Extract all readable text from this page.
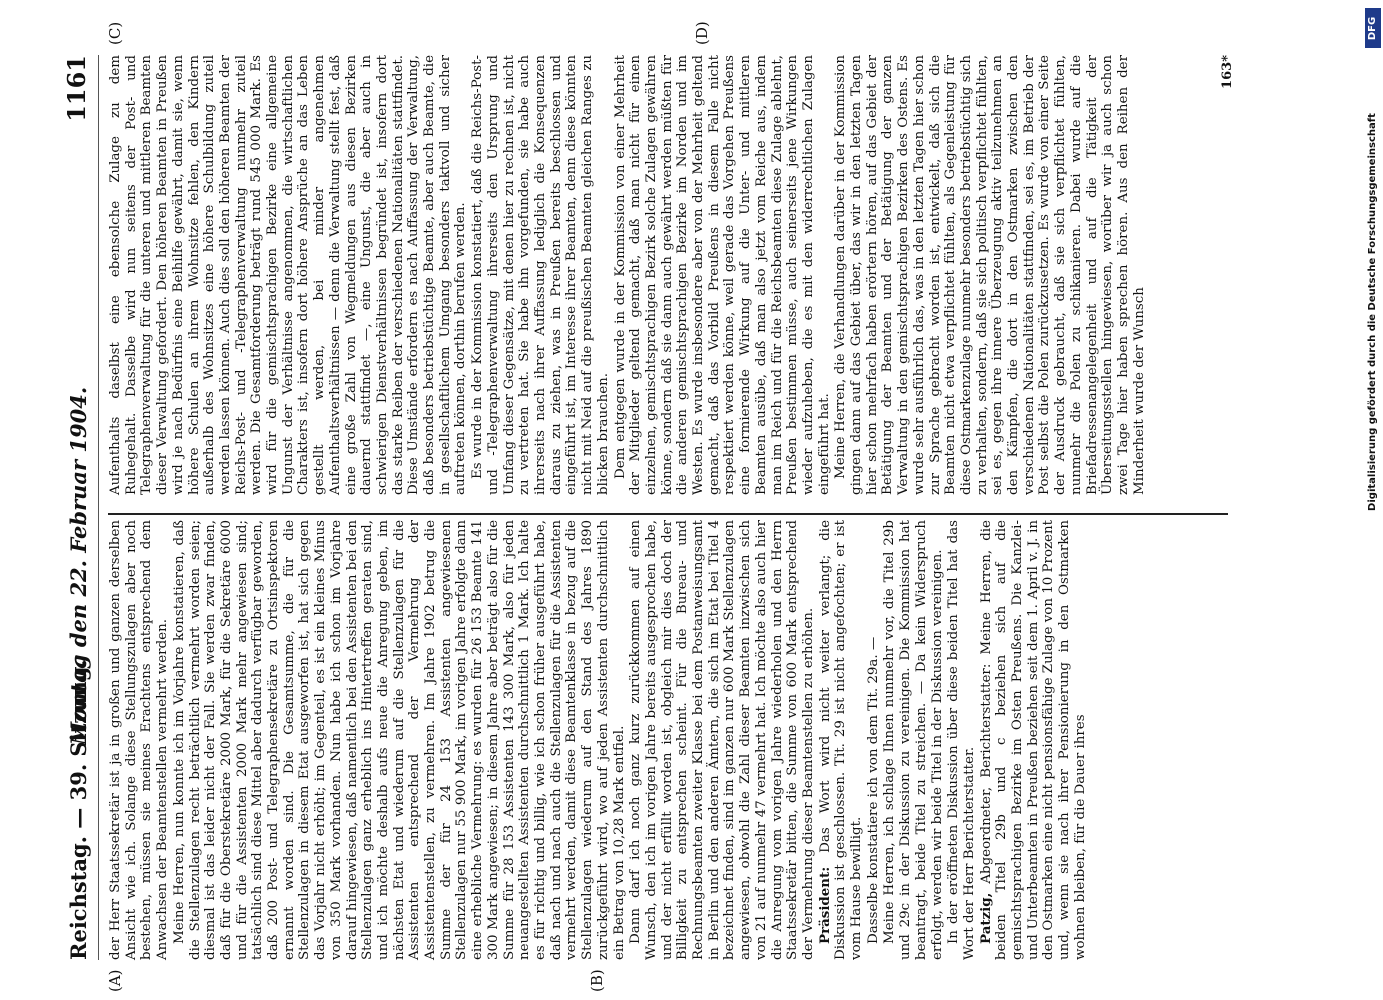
Reichstag. — 39. Sitzung.
Montag den 22. Februar 1904.
1161
(A)	(B)
(C)	(D)

der Herr Staatssekretär ist ja in großen und ganzen derselben Ansicht wie ich. Solange diese Stellungszulagen aber noch bestehen, müssen sie meines Erachtens entsprechend dem Anwachsen der Beamtenstellen vermehrt werden. Meine Herren, nun konnte ich im Vorjahre konstatieren, daß die Stellenzulagen recht beträchtlich vermehrt worden seien; diesmal ist das leider nicht der Fall. Sie werden zwar finden, daß für die Oberstekretäre 2000 Mark, für die Sekretäre 6000 und für die Assistenten 2000 Mark mehr angewiesen sind; tatsächlich sind diese Mittel aber dadurch verfügbar geworden, daß 200 Post- und Telegraphensekretäre zu Ortsinspektoren ernannt worden sind. Die Gesamtsumme, die für die Stellenzulagen in diesem Etat ausgeworfen ist, hat sich gegen das Vorjahr nicht erhöht; im Gegenteil, es ist ein kleines Minus von 350 Mark vorhanden. Nun habe ich schon im Vorjahre darauf hingewiesen, daß namentlich bei den Assistenten bei den Stellenzulagen ganz erheblich ins Hintertreffen geraten sind, und ich möchte deshalb aufs neue die Anregung geben, im nächsten Etat und wiederum auf die Stellenzulagen für die Assistenten entsprechend der Vermehrung der Assistentenstellen, zu vermehren. Im Jahre 1902 betrug die Summe der für 24 153 Assistenten angewiesenen Stellenzulagen nur 55 900 Mark, im vorigen Jahre erfolgte dann eine erhebliche Vermehrung: es wurden für 26 153 Beamte 141 300 Mark angewiesen; in diesem Jahre aber beträgt also für die Summe für 28 153 Assistenten 143 300 Mark, also für jeden neuangestellten Assistenten durchschnittlich 1 Mark. Ich halte es für richtig und billig, wie ich schon früher ausgeführt habe, daß nach und nach auch die Stellenzulagen für die Assistenten vermehrt werden, damit diese Beamtenklasse in bezug auf die Stellenzulagen wiederum auf den Stand des Jahres 1890 zurückgeführt wird, wo auf jeden Assistenten durchschnittlich ein Betrag von 10,28 Mark entfiel. Dann darf ich noch ganz kurz zurückkommen auf einen Wunsch, den ich im vorigen Jahre bereits ausgesprochen habe, und der nicht erfüllt worden ist, obgleich mir dies doch der Billigkeit zu entsprechen scheint. Für die Bureau- und Rechnungsbeamten zweiter Klasse bei dem Postanweisungsamt in Berlin und den anderen Ämtern, die sich im Etat bei Titel 4 bezeichnet finden, sind im ganzen nur 600 Mark Stellenzulagen angewiesen, obwohl die Zahl dieser Beamten inzwischen sich von 21 auf nunmehr 47 vermehrt hat. Ich möchte also auch hier die Anregung vom vorigen Jahre wiederholen und den Herrn Staatssekretär bitten, die Summe von 600 Mark entsprechend der Vermehrung dieser Beamtenstellen zu erhöhen. Präsident: Das Wort wird nicht weiter verlangt; die Diskussion ist geschlossen. Tit. 29 ist nicht angefochten; er ist vom Hause bewilligt. Dasselbe konstatiere ich von dem Tit. 29a. — Meine Herren, ich schlage Ihnen nunmehr vor, die Titel 29b und 29c in der Diskussion zu vereinigen. Die Kommission hat beantragt, beide Titel zu streichen. — Da kein Widerspruch erfolgt, werden wir beide Titel in der Diskussion vereinigen. In der eröffneten Diskussion über diese beiden Titel hat das Wort der Herr Berichterstatter. Patzig, Abgeordneter, Berichterstatter: Meine Herren, die beiden Titel 29b und c beziehen sich auf die gemischtsprachigen Bezirke im Osten Preußens. Die Kanzlei- und Unterbeamten in Preußen beziehen seit dem 1. April v. J. in den Ostmarken eine nicht pensionsfähige Zulage von 10 Prozent und, wenn sie nach ihrer Pensionierung in den Ostmarken wohnen bleiben, für die Dauer ihres

Aufenthalts daselbst eine ebensolche Zulage zu dem Ruhegehalt. Dasselbe wird nun seitens der Post- und Telegraphenverwaltung für die unteren und mittleren Beamten dieser Verwaltung gefordert. Den höheren Beamten in Preußen wird je nach Bedürfnis eine Beihilfe gewährt, damit sie, wenn höhere Schulen an ihrem Wohnsitze fehlen, den Kindern außerhalb des Wohnsitzes eine höhere Schulbildung zuteil werden lassen können. Auch dies soll den höheren Beamten der Reichs-Post- und -Telegraphenverwaltung nunmehr zuteil werden. Die Gesamtforderung beträgt rund 545 000 Mark. Es wird für die gemischtsprachigen Bezirke eine allgemeine Ungunst der Verhältnisse angenommen, die wirtschaftlichen Charakters ist, insofern dort höhere Ansprüche an das Leben gestellt werden, bei minder angenehmen Aufenthaltsverhältnissen — denn die Verwaltung stellt fest, daß eine große Zahl von Wegmeldungen aus diesen Bezirken dauernd stattfindet —, eine Ungunst, die aber auch in schwierigen Dienstverhältnissen begründet ist, insofern dort das starke Reiben der verschiedenen Nationalitäten stattfindet. Diese Umstände erfordern es nach Auffassung der Verwaltung, daß besonders betriebstüchtige Beamte, aber auch Beamte, die in gesellschaftlichem Umgang besonders taktvoll und sicher auftreten können, dorthin berufen werden. Es wurde in der Kommission konstatiert, daß die Reichs-Post- und -Telegraphenverwaltung ihrerseits den Ursprung und Umfang dieser Gegensätze, mit denen hier zu rechnen ist, nicht zu vertreten hat. Sie habe ihn vorgefunden, sie habe auch ihrerseits nach ihrer Auffassung lediglich die Konsequenzen daraus zu ziehen, was in Preußen bereits beschlossen und eingeführt ist, im Interesse ihrer Beamten, denn diese könnten nicht mit Neid auf die preußischen Beamten gleichen Ranges zu blicken brauchen. Dem entgegen wurde in der Kommission von einer Mehrheit der Mitglieder geltend gemacht, daß man nicht für einen einzelnen, gemischtsprachigen Bezirk solche Zulagen gewähren könne, sondern daß sie dann auch gewährt werden müßten für die anderen gemischtsprachigen Bezirke im Norden und im Westen. Es wurde insbesondere aber von der Mehrheit geltend gemacht, daß das Vorbild Preußens in diesem Falle nicht respektiert werden könne, weil gerade das Vorgehen Preußens eine formierende Wirkung auf die Unter- und mittleren Beamten ausübe, daß man also jetzt vom Reiche aus, indem man im Reich und für die Reichsbeamten diese Zulage ablehnt, Preußen bestimmen müsse, auch seinerseits jene Wirkungen wieder aufzuheben, die es mit den widerrechtlichen Zulagen eingeführt hat. Meine Herren, die Verhandlungen darüber in der Kommission gingen dann auf das Gebiet über, das wir in den letzten Tagen hier schon mehrfach haben erörtern hören, auf das Gebiet der Betätigung der Beamten und der Betätigung der ganzen Verwaltung in den gemischtsprachigen Bezirken des Ostens. Es wurde sehr ausführlich das, was in den letzten Tagen hier schon zur Sprache gebracht worden ist, entwickelt, daß sich die Beamten nicht etwa verpflichtet fühlten, als Gegenleistung für diese Ostmarkenzulage nunmehr besonders betriebstüchtig sich zu verhalten, sondern, daß sie sich politisch verpflichtet fühlten, sei es, gegen ihre innere Überzeugung aktiv teilzunehmen an den Kämpfen, die dort in den Ostmarken zwischen den verschiedenen Nationalitäten stattfinden, sei es, im Betrieb der Post selbst die Polen zurückzusetzen. Es wurde von einer Seite der Ausdruck gebraucht, daß sie sich verpflichtet fühlten, nunmehr die Polen zu schikanieren. Dabei wurde auf die Briefadressenangelegenheit und auf die Tätigkeit der Überseitungsstellen hingewiesen, worüber wir ja auch schon zwei Tage hier haben sprechen hören. Aus den Reihen der Minderheit wurde der Wunsch

163*
DFG
Digitalisierung gefördert durch die Deutsche Forschungsgemeinschaft
